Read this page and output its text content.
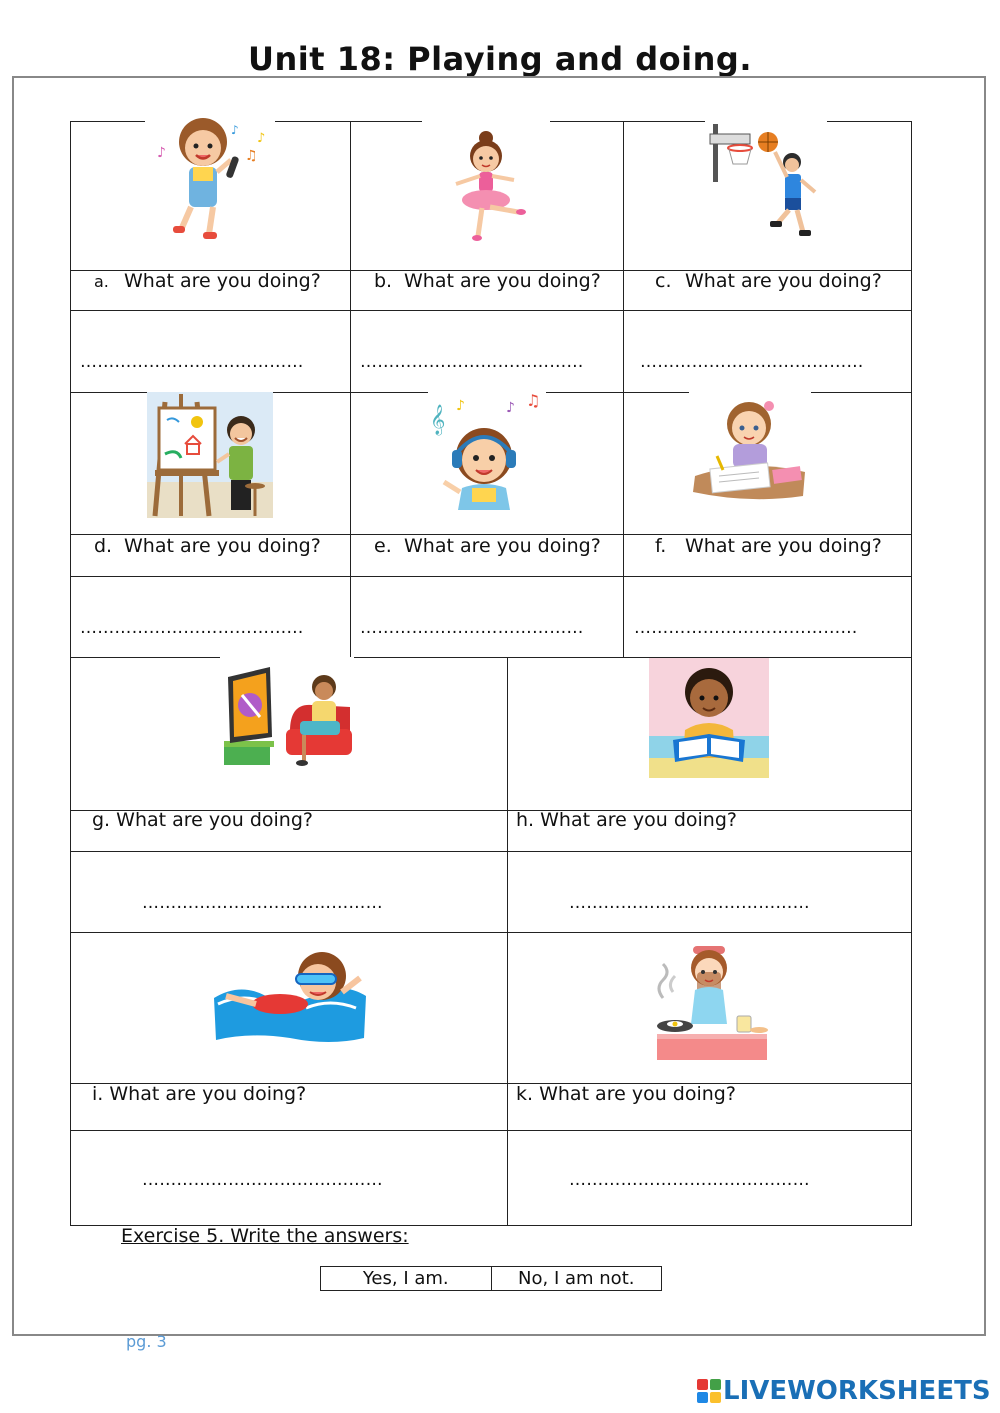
Unit 18: Playing and doing.
♪	♫
♪
♪
𝄞 ♪	♪ ♫
a. What are you doing?	b. What are you doing?	c. What are you doing?
d. What are you doing?	e. What are you doing?	f. What are you doing?
g. What are you doing?	h. What are you doing?
i. What are you doing?	k. What are you doing?
…………………………………	…………………………………	…………………………………
…………………………………	…………………………………	…………………………………
……………………………………	……………………………………
……………………………………	……………………………………
Exercise 5. Write the answers:
Yes, I am.	No, I am not.
pg. 3
LIVEWORKSHEETS
